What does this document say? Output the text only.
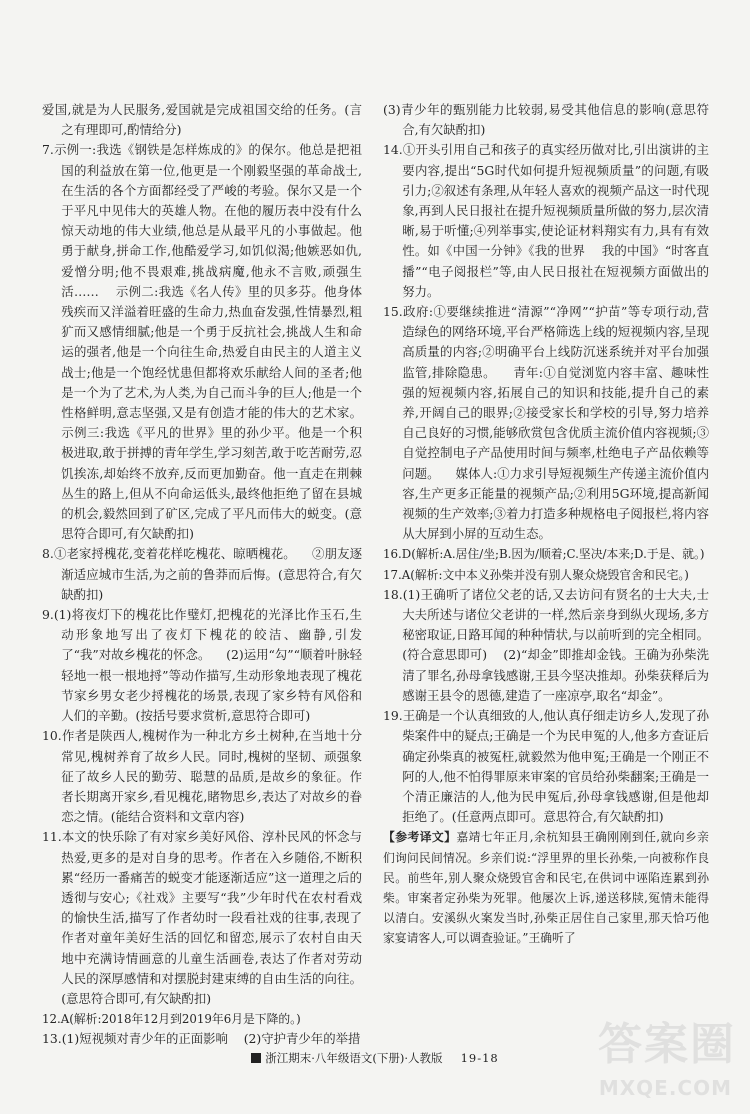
爱国,就是为人民服务,爱国就是完成祖国交给的任务。(言之有理即可,酌情给分)

7.示例一:我选《钢铁是怎样炼成的》的保尔。他总是把祖国的利益放在第一位,他更是一个刚毅坚强的革命战士,在生活的各个方面都经受了严峻的考验。保尔又是一个于平凡中见伟大的英雄人物。在他的履历表中没有什么惊天动地的伟大业绩,他总是从最平凡的小事做起。他勇于献身,拼命工作,他酷爱学习,如饥似渴;他嫉恶如仇,爱憎分明;他不畏艰难,挑战病魔,他永不言败,顽强生活……    示例二:我选《名人传》里的贝多芬。他身体残疾而又洋溢着旺盛的生命力,热血奋发强,性情暴烈,粗犷而又感情细腻;他是一个勇于反抗社会,挑战人生和命运的强者,他是一个向往生命,热爱自由民主的人道主义战士;他是一个饱经忧患但都将欢乐献给人间的圣者;他是一个为了艺术,为人类,为自己而斗争的巨人;他是一个性格鲜明,意志坚强,又是有创造才能的伟大的艺术家。    示例三:我选《平凡的世界》里的孙少平。他是一个积极进取,敢于拼搏的青年学生,学习刻苦,敢于吃苦耐劳,忍饥挨冻,却始终不放弃,反而更加勤奋。他一直走在荆棘丛生的路上,但从不向命运低头,最终他拒绝了留在县城的机会,毅然回到了矿区,完成了平凡而伟大的蜕变。(意思符合即可,有欠缺酌扣)

8.①老家捋槐花,变着花样吃槐花、晾晒槐花。    ②朋友逐渐适应城市生活,为之前的鲁莽而后悔。(意思符合,有欠缺酌扣)

9.(1)将夜灯下的槐花比作璧灯,把槐花的光泽比作玉石,生动形象地写出了夜灯下槐花的皎洁、幽静,引发了“我”对故乡槐花的怀念。    (2)运用“勾”“顺着叶脉轻轻地一根一根地捋”等动作描写,生动形象地表现了槐花节家乡男女老少捋槐花的场景,表现了家乡特有风俗和人们的辛勤。(按括号要求赏析,意思符合即可)

10.作者是陕西人,槐树作为一种北方乡土树种,在当地十分常见,槐树养育了故乡人民。同时,槐树的坚韧、顽强象征了故乡人民的勤劳、聪慧的品质,是故乡的象征。作者长期离开家乡,看见槐花,睹物思乡,表达了对故乡的眷恋之情。(能结合资料和文章内容)

11.本文的快乐除了有对家乡美好风俗、淳朴民风的怀念与热爱,更多的是对自身的思考。作者在入乡随俗,不断积累“经历一番痛苦的蜕变才能逐渐适应”这一道理之后的透彻与安心;《社戏》主要写“我”少年时代在农村看戏的愉快生活,描写了作者幼时一段看社戏的往事,表现了作者对童年美好生活的回忆和留恋,展示了农村自由天地中充满诗情画意的儿童生活画卷,表达了作者对劳动人民的深厚感情和对摆脱封建束缚的自由生活的向往。(意思符合即可,有欠缺酌扣)

12.A(解析:2018年12月到2019年6月是下降的。)

13.(1)短视频对青少年的正面影响    (2)守护青少年的举措

(3)青少年的甄别能力比较弱,易受其他信息的影响(意思符合,有欠缺酌扣)

14.①开头引用自己和孩子的真实经历做对比,引出演讲的主要内容,提出“5G时代如何提升短视频质量”的问题,有吸引力;②叙述有条理,从年轻人喜欢的视频产品这一时代现象,再到人民日报社在提升短视频质量所做的努力,层次清晰,易于听懂;④列举事实,使论证材料翔实有力,具有有效性。如《中国一分钟》《我的世界    我的中国》“时客直播”“电子阅报栏”等,由人民日报社在短视频方面做出的努力。

15.政府:①要继续推进“清源”“净网”“护苗”等专项行动,营造绿色的网络环境,平台严格筛选上线的短视频内容,呈现高质量的内容;②明确平台上线防沉迷系统并对平台加强监管,排除隐患。    青年:①自觉浏览内容丰富、趣味性强的短视频内容,拓展自己的知识和技能,提升自己的素养,开阔自己的眼界;②接受家长和学校的引导,努力培养自己良好的习惯,能够欣赏包含优质主流价值内容视频;③自觉控制电子产品使用时间与频率,杜绝电子产品依赖等问题。    媒体人:①力求引导短视频生产传递主流价值内容,生产更多正能量的视频产品;②利用5G环境,提高新闻视频的生产效率;③着力打造多种规格电子阅报栏,将内容从大屏到小屏的互动生态。

16.D(解析:A.居住/坐;B.因为/顺着;C.坚决/本来;D.于是、就。)

17.A(解析:文中本义孙柴并没有别人聚众烧毁官舍和民宅。)

18.(1)王确听了诸位父老的话,又去访问有贤名的士大夫,士大夫所述与诸位父老讲的一样,然后亲身到纵火现场,多方秘密取证,日路耳闻的种种情状,与以前听到的完全相同。(符合意思即可)    (2)“却金”即推却金钱。王确为孙柴洗清了罪名,孙母拿钱感谢,王县今坚决推却。孙柴获释后为感谢王县令的恩德,建造了一座凉亭,取名“却金”。

19.王确是一个认真细致的人,他认真仔细走访乡人,发现了孙柴案件中的疑点;王确是一个为民申冤的人,他多方查证后确定孙柴真的被冤枉,就毅然为他申冤;王确是一个刚正不阿的人,他不怕得罪原来审案的官员给孙柴翻案;王确是一个清正廉洁的人,他为民申冤后,孙母拿钱感谢,但是他却拒绝了。(任意两点即可。意思符合,有欠缺酌扣)

【参考译文】嘉靖七年正月,余杭知县王确刚刚到任,就向乡亲们询问民间情况。乡亲们说:“浮里界的里长孙柴,一向被称作良民。前些年,别人聚众烧毁官舍和民宅,在供词中诬陷连累到孙柴。审案者定孙柴为死罪。他屡次上诉,递送移牍,冤情未能得以清白。安溪纵火案发当时,孙柴正居住自己家里,那天恰巧他家宴请客人,可以调查验证。”王确听了

浙江期末·八年级语文(下册)·人教版 19-18	答案圈
MXQE.COM
